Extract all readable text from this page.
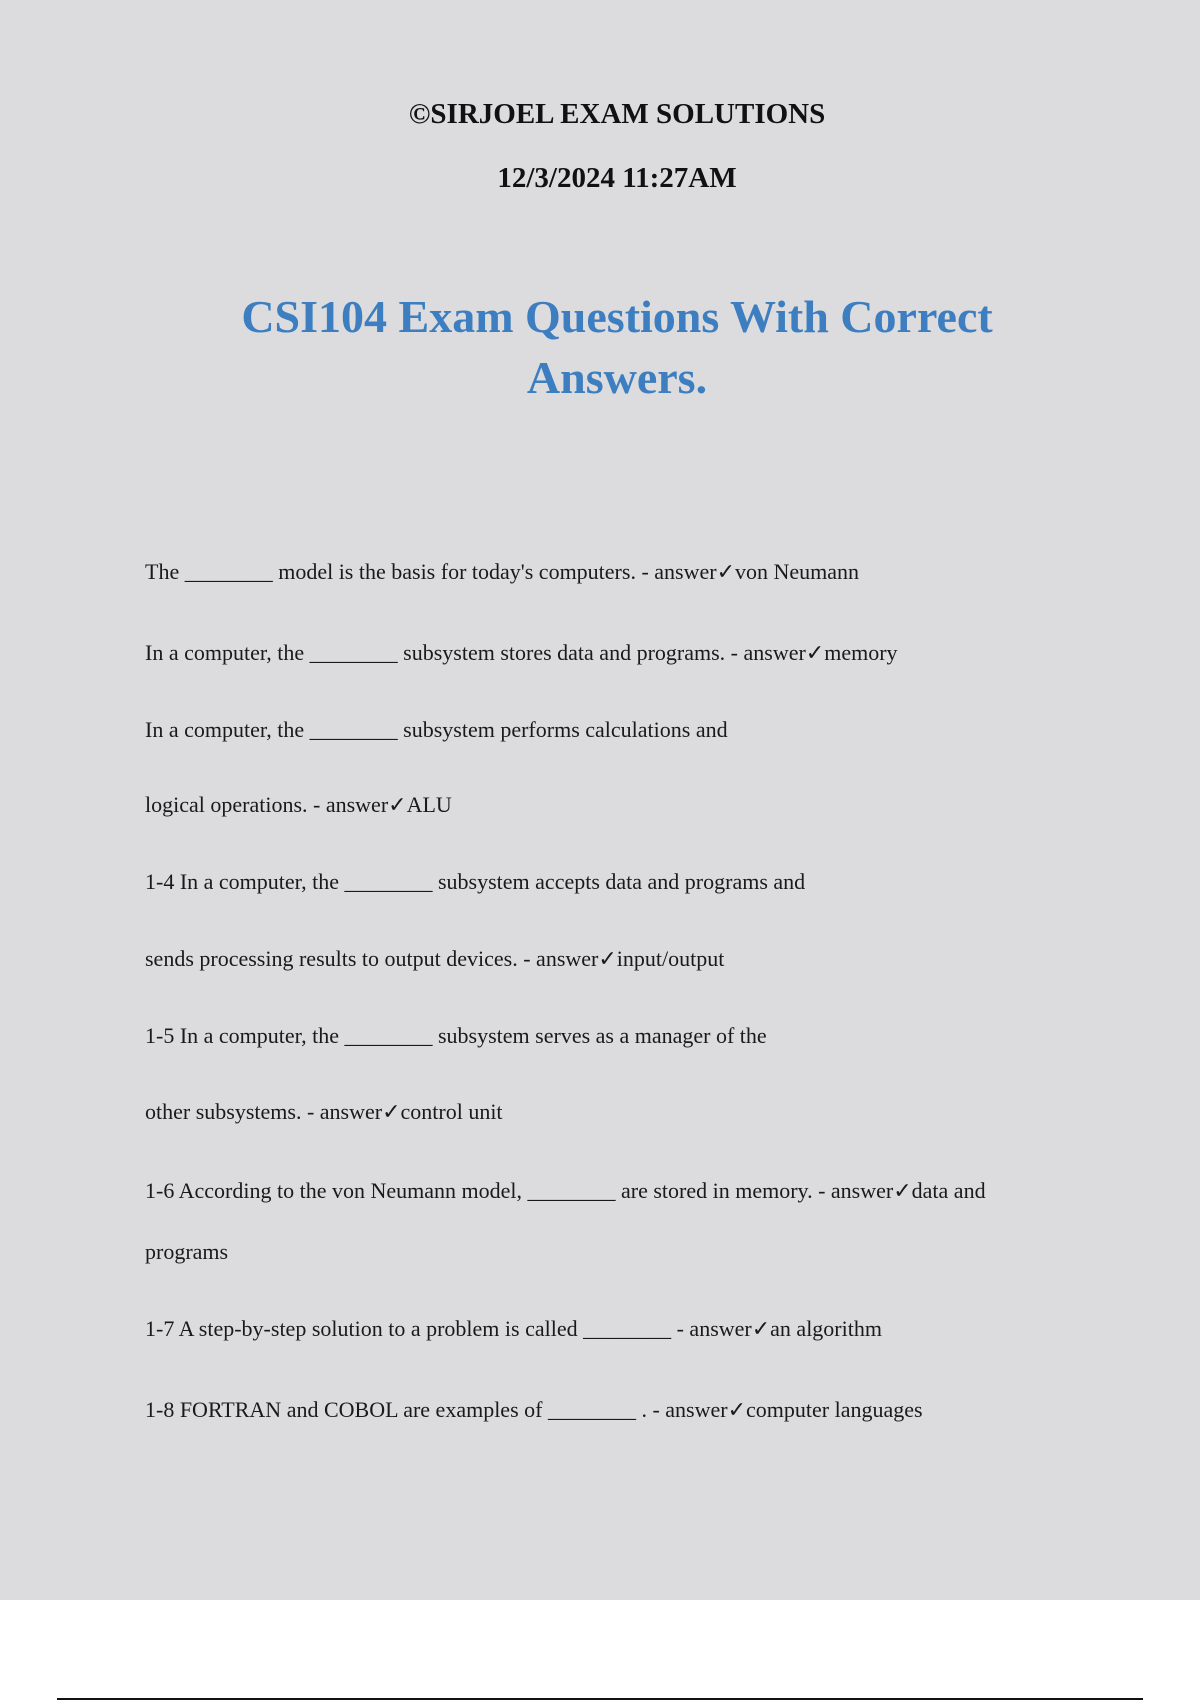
©SIRJOEL EXAM SOLUTIONS
12/3/2024 11:27AM
CSI104 Exam Questions With Correct
Answers.
The ________ model is the basis for today's computers. - answer✓von Neumann
In a computer, the ________ subsystem stores data and programs. - answer✓memory
In a computer, the ________ subsystem performs calculations and
logical operations. - answer✓ALU
1-4 In a computer, the ________ subsystem accepts data and programs and
sends processing results to output devices. - answer✓input/output
1-5 In a computer, the ________ subsystem serves as a manager of the
other subsystems. - answer✓control unit
1-6 According to the von Neumann model, ________ are stored in memory. - answer✓data and
programs
1-7 A step-by-step solution to a problem is called ________ - answer✓an algorithm
1-8 FORTRAN and COBOL are examples of ________ . - answer✓computer languages
